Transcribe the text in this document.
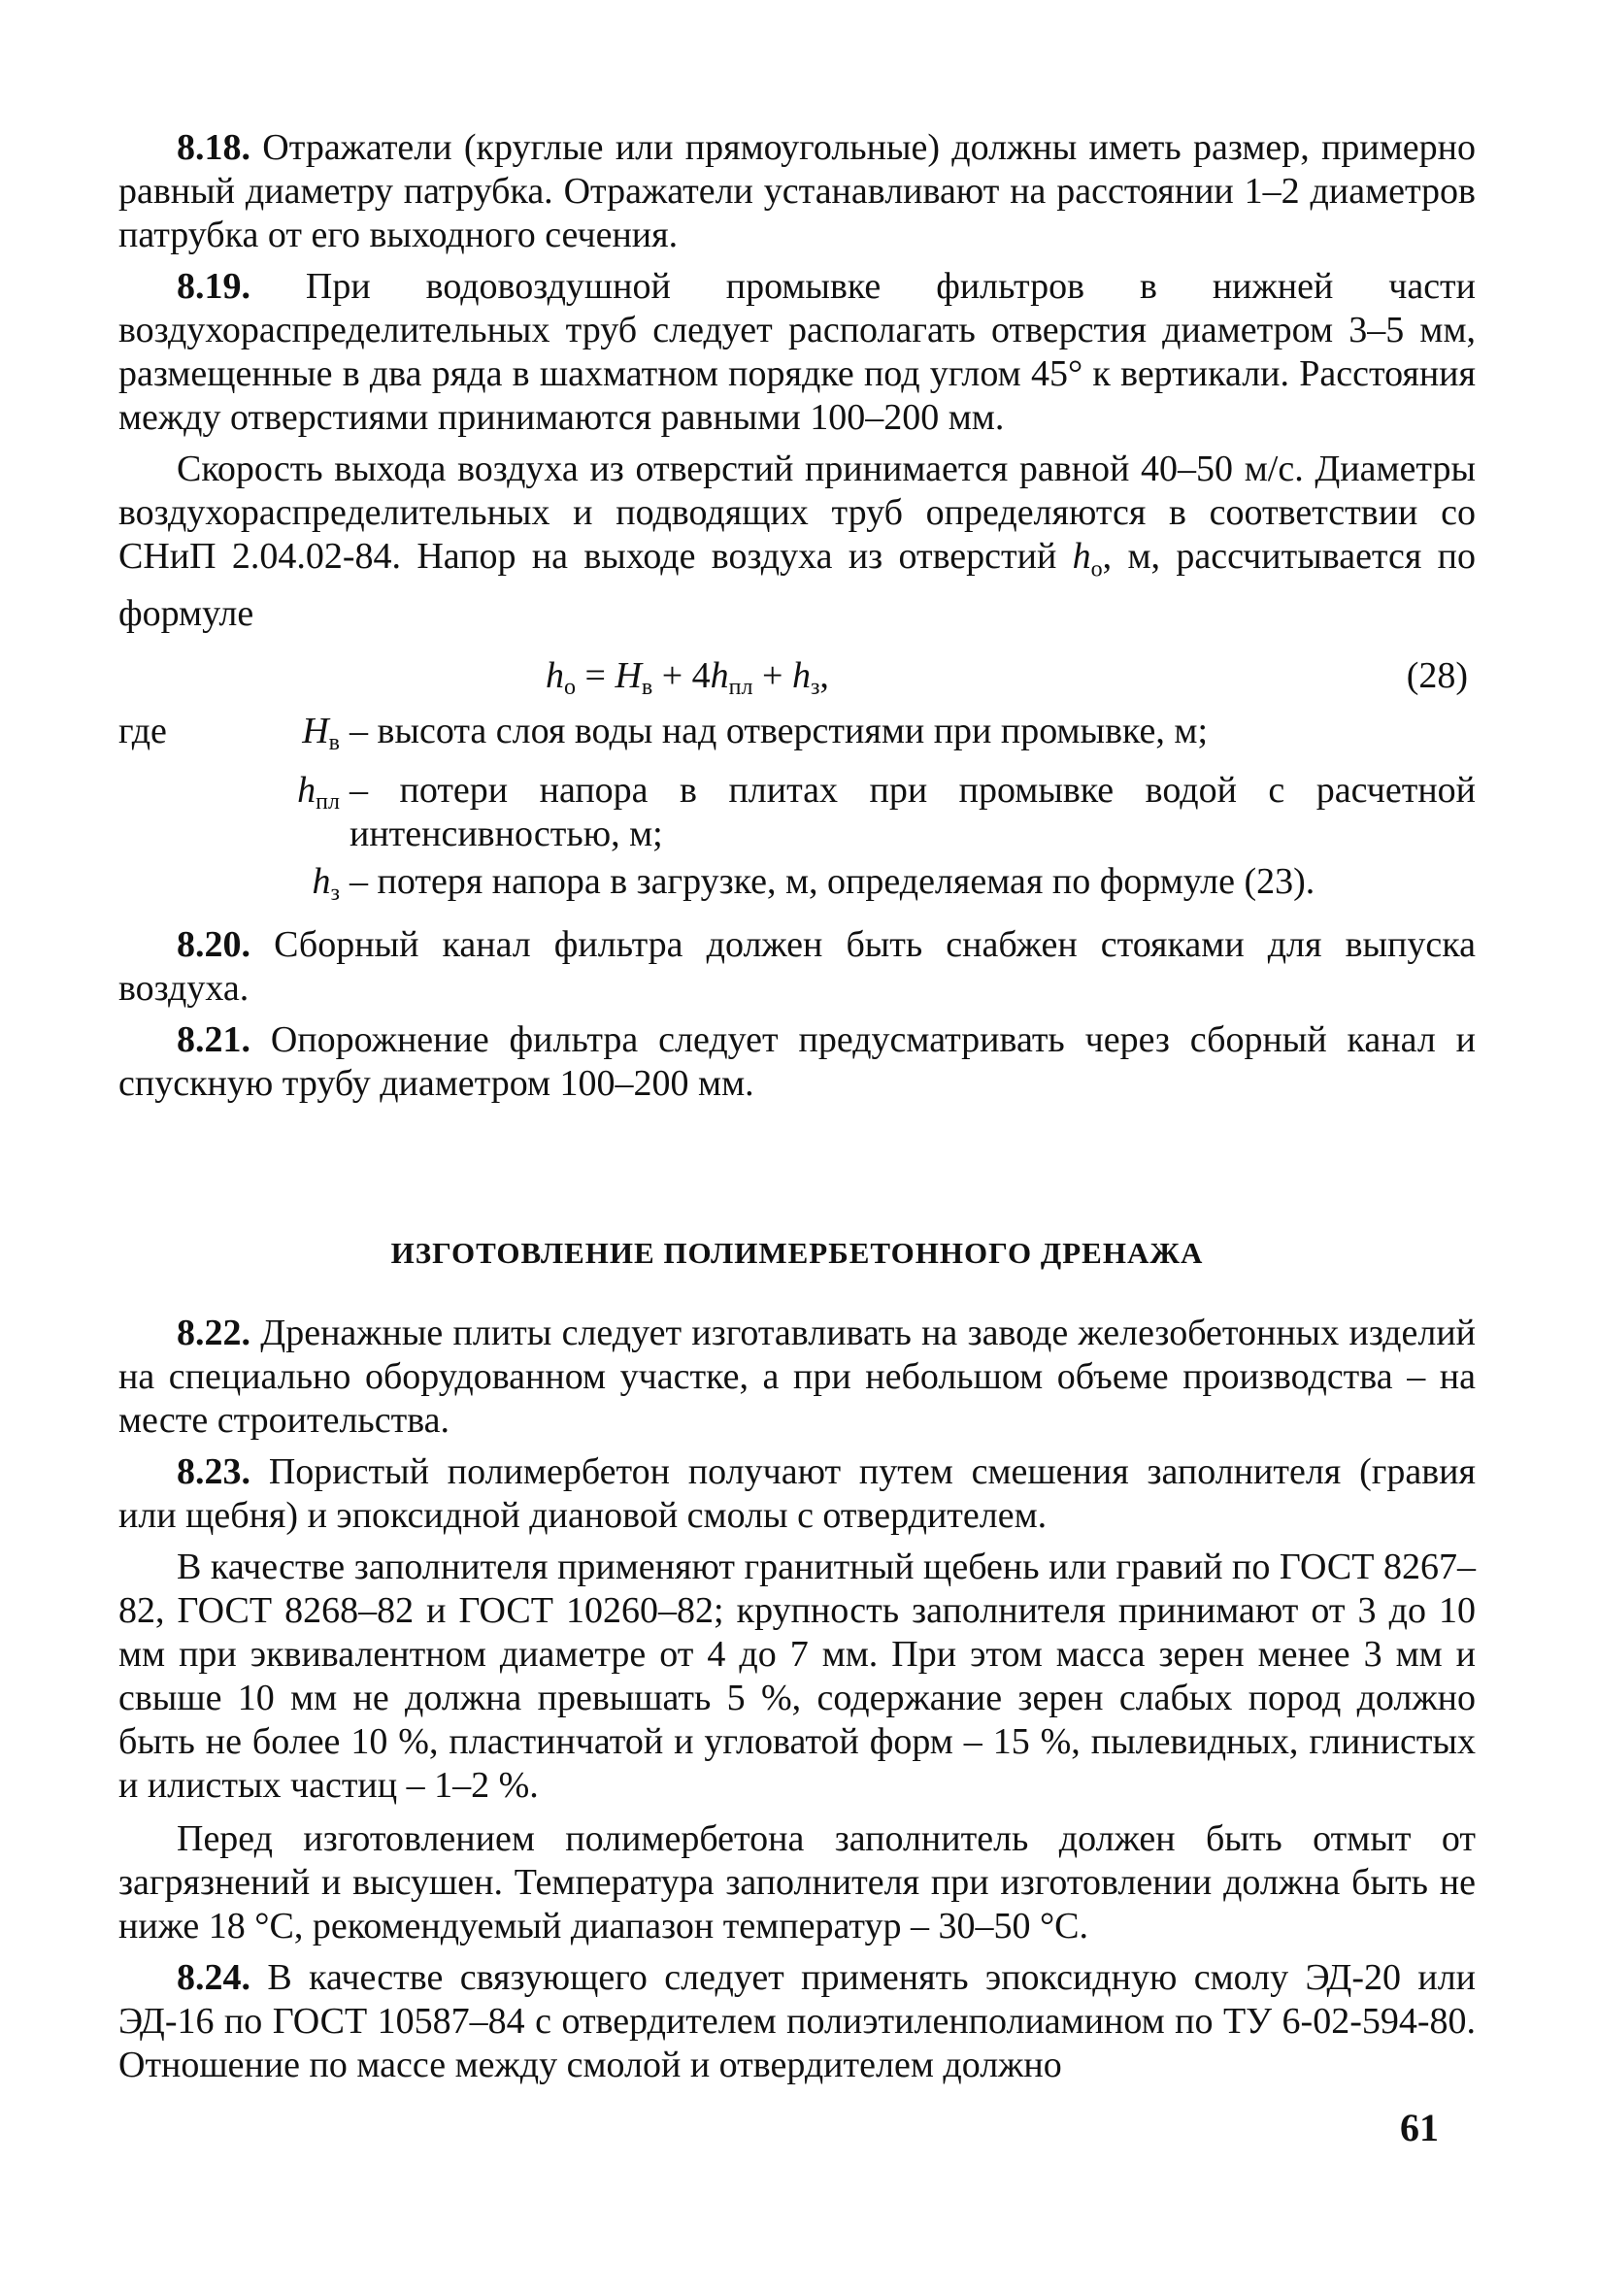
8.18. Отражатели (круглые или прямоугольные) должны иметь размер, примерно равный диаметру патрубка. Отражатели устанавливают на расстоянии 1–2 диаметров патрубка от его выходного сечения.

8.19. При водовоздушной промывке фильтров в нижней части воздухораспределительных труб следует располагать отверстия диаметром 3–5 мм, размещенные в два ряда в шахматном порядке под углом 45° к вертикали. Расстояния между отверстиями принимаются равными 100–200 мм.

Скорость выхода воздуха из отверстий принимается равной 40–50 м/с. Диаметры воздухораспределительных и подводящих труб определяются в соответствии со СНиП 2.04.02-84. Напор на выходе воздуха из отверстий $h_o$, м, рассчитывается по формуле

$h_o = H_в + 4h_{пл} + h_з$,	(28)
где	$H_в$ – высота слоя воды над отверстиями при промывке, м;
$h_{пл}$ – потери напора в плитах при промывке водой с расчетной интенсивностью, м;
$h_з$ – потеря напора в загрузке, м, определяемая по формуле (23).

8.20. Сборный канал фильтра должен быть снабжен стояками для выпуска воздуха.

8.21. Опорожнение фильтра следует предусматривать через сборный канал и спускную трубу диаметром 100–200 мм.

ИЗГОТОВЛЕНИЕ ПОЛИМЕРБЕТОННОГО ДРЕНАЖА

8.22. Дренажные плиты следует изготавливать на заводе железобетонных изделий на специально оборудованном участке, а при небольшом объеме производства – на месте строительства.

8.23. Пористый полимербетон получают путем смешения заполнителя (гравия или щебня) и эпоксидной диановой смолы с отвердителем.

В качестве заполнителя применяют гранитный щебень или гравий по ГОСТ 8267–82, ГОСТ 8268–82 и ГОСТ 10260–82; крупность заполнителя принимают от 3 до 10 мм при эквивалентном диаметре от 4 до 7 мм. При этом масса зерен менее 3 мм и свыше 10 мм не должна превышать 5 %, содержание зерен слабых пород должно быть не более 10 %, пластинчатой и угловатой форм – 15 %, пылевидных, глинистых и илистых частиц – 1–2 %.

Перед изготовлением полимербетона заполнитель должен быть отмыт от загрязнений и высушен. Температура заполнителя при изготовлении должна быть не ниже 18 °С, рекомендуемый диапазон температур – 30–50 °С.

8.24. В качестве связующего следует применять эпоксидную смолу ЭД-20 или ЭД-16 по ГОСТ 10587–84 с отвердителем полиэтиленполиамином по ТУ 6-02-594-80. Отношение по массе между смолой и отвердителем должно

61
